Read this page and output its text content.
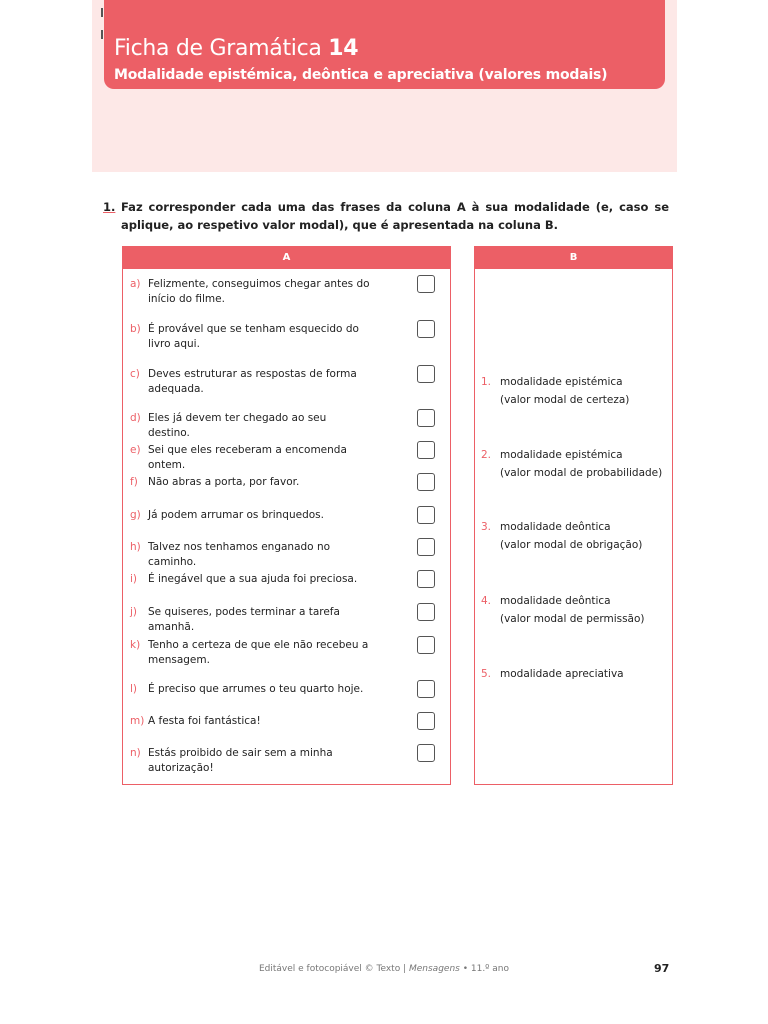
Ficha de Gramática 14
Modalidade epistémica, deôntica e apreciativa (valores modais)
1. Faz corresponder cada uma das frases da coluna A à sua modalidade (e, caso se aplique, ao respetivo valor modal), que é apresentada na coluna B.
A
a) Felizmente, conseguimos chegar antes do início do filme.
b) É provável que se tenham esquecido do livro aqui.
c) Deves estruturar as respostas de forma adequada.
d) Eles já devem ter chegado ao seu destino.
e) Sei que eles receberam a encomenda ontem.
f) Não abras a porta, por favor.
g) Já podem arrumar os brinquedos.
h) Talvez nos tenhamos enganado no caminho.
i)	É inegável que a sua ajuda foi preciosa.
j)	Se quiseres, podes terminar a tarefa amanhã.
k) Tenho a certeza de que ele não recebeu a mensagem.
l)	É preciso que arrumes o teu quarto hoje.
m) A festa foi fantástica!
n) Estás proibido de sair sem a minha autorização!
B
1. modalidade epistémica
(valor modal de certeza)
2. modalidade epistémica
(valor modal de probabilidade)
3. modalidade deôntica
(valor modal de obrigação)
4. modalidade deôntica
(valor modal de permissão)
5. modalidade apreciativa
Editável e fotocopiável © Texto | Mensagens • 11.º ano	97
